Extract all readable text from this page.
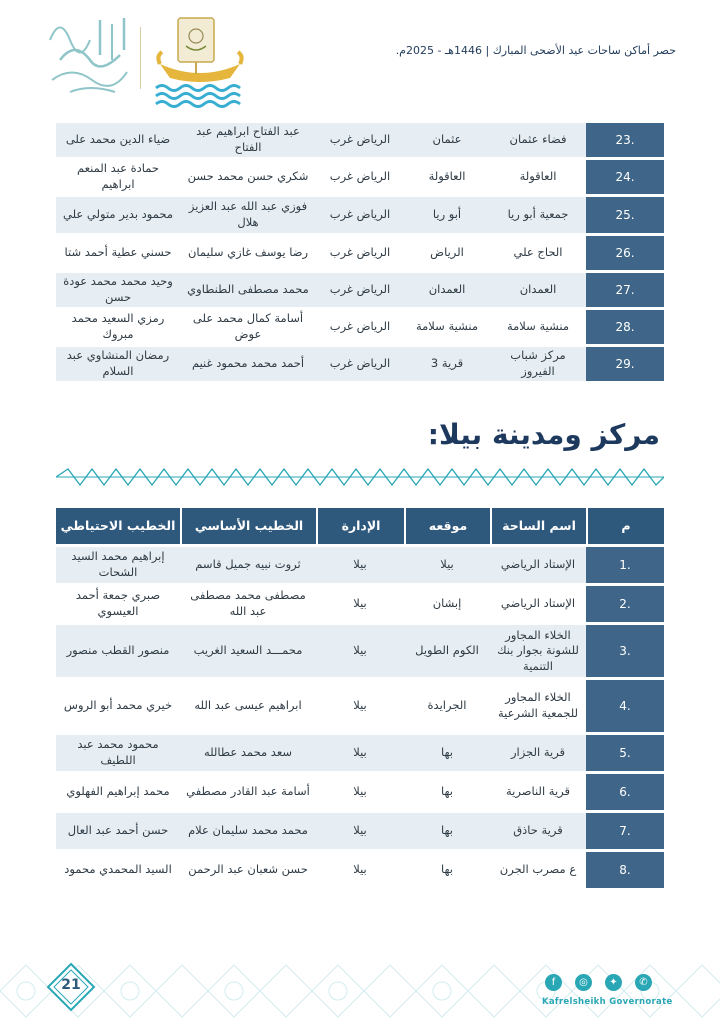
حصر أماكن ساحات عيد الأضحى المبارك | 1446هـ - 2025م.
23.	فضاء عثمان	عثمان	الرياض غرب	عبد الفتاح ابراهيم عبد الفتاح	ضياء الدين محمد على
24.	العاقولة	العاقولة	الرياض غرب	شكري حسن محمد حسن	حمادة عبد المنعم ابراهيم
25.	جمعية أبو ريا	أبو ريا	الرياض غرب	فوزي عبد الله عبد العزيز هلال	محمود بدير متولي علي
26.	الحاج علي	الرياض	الرياض غرب	رضا يوسف غازي سليمان	حسني عطية أحمد شتا
27.	العمدان	العمدان	الرياض غرب	محمد مصطفى الطنطاوي	وحيد محمد محمد عودة حسن
28.	منشية سلامة	منشية سلامة	الرياض غرب	أسامة كمال محمد على عوض	رمزي السعيد محمد مبروك
29.	مركز شباب الفيروز	قرية 3	الرياض غرب	أحمد محمد محمود غنيم	رمضان المنشاوي عبد السلام
مركز ومدينة بيلا:
م	اسم الساحة	موقعه	الإدارة	الخطيب الأساسي	الخطيب الاحتياطي
1.	الإستاد الرياضي	بيلا	بيلا	ثروت نبيه جميل قاسم	إبراهيم محمد السيد الشحات
2.	الإستاد الرياضي	إبشان	بيلا	مصطفى محمد مصطفى عبد الله	صبري جمعة أحمد العيسوي
3.	الخلاء المجاور للشونة بجوار بنك التنمية	الكوم الطويل	بيلا	محمـــد السعيد الغريب	منصور القطب منصور
4.	الخلاء المجاور للجمعية الشرعية	الجرايدة	بيلا	ابراهيم عيسى عبد الله	خيري محمد أبو الروس
5.	قرية الجزار	بها	بيلا	سعد محمد عطالله	محمود محمد عبد اللطيف
6.	قرية الناصرية	بها	بيلا	أسامة عبد القادر مصطفي	محمد إبراهيم الفهلوي
7.	قرية حاذق	بها	بيلا	محمد محمد سليمان علام	حسن أحمد عبد العال
8.	ع مصرب الجرن	بها	بيلا	حسن شعبان عبد الرحمن	السيد المحمدي محمود
21	f	◎	✦	✆
Kafrelsheikh Governorate
